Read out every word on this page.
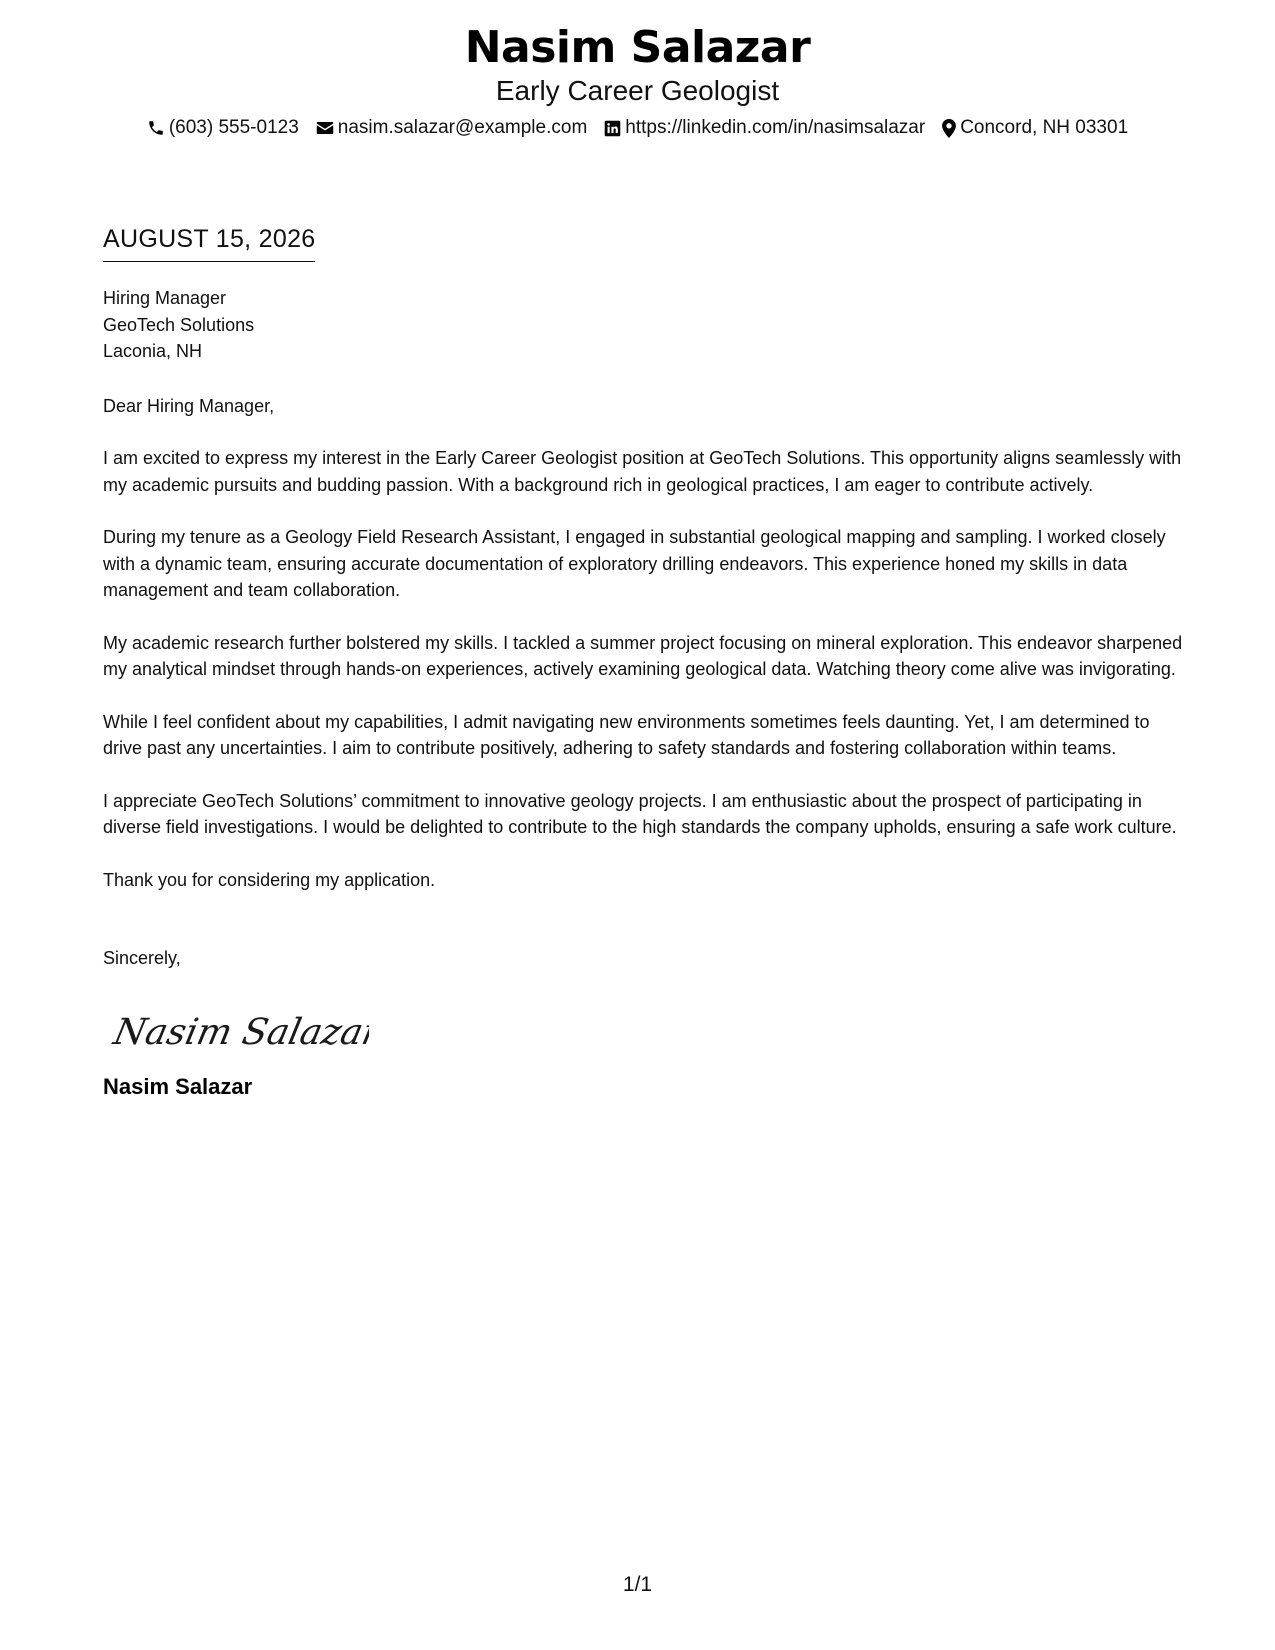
Nasim Salazar
Early Career Geologist
(603) 555-0123 nasim.salazar@example.com https://linkedin.com/in/nasimsalazar Concord, NH 03301
AUGUST 15, 2026
Hiring Manager
GeoTech Solutions
Laconia, NH
Dear Hiring Manager,
I am excited to express my interest in the Early Career Geologist position at GeoTech Solutions. This opportunity aligns seamlessly with my academic pursuits and budding passion. With a background rich in geological practices, I am eager to contribute actively.
During my tenure as a Geology Field Research Assistant, I engaged in substantial geological mapping and sampling. I worked closely with a dynamic team, ensuring accurate documentation of exploratory drilling endeavors. This experience honed my skills in data management and team collaboration.
My academic research further bolstered my skills. I tackled a summer project focusing on mineral exploration. This endeavor sharpened my analytical mindset through hands-on experiences, actively examining geological data. Watching theory come alive was invigorating.
While I feel confident about my capabilities, I admit navigating new environments sometimes feels daunting. Yet, I am determined to drive past any uncertainties. I aim to contribute positively, adhering to safety standards and fostering collaboration within teams.
I appreciate GeoTech Solutions’ commitment to innovative geology projects. I am enthusiastic about the prospect of participating in diverse field investigations. I would be delighted to contribute to the high standards the company upholds, ensuring a safe work culture.
Thank you for considering my application.
Sincerely,
Nasim Salazar
Nasim Salazar
1/1
